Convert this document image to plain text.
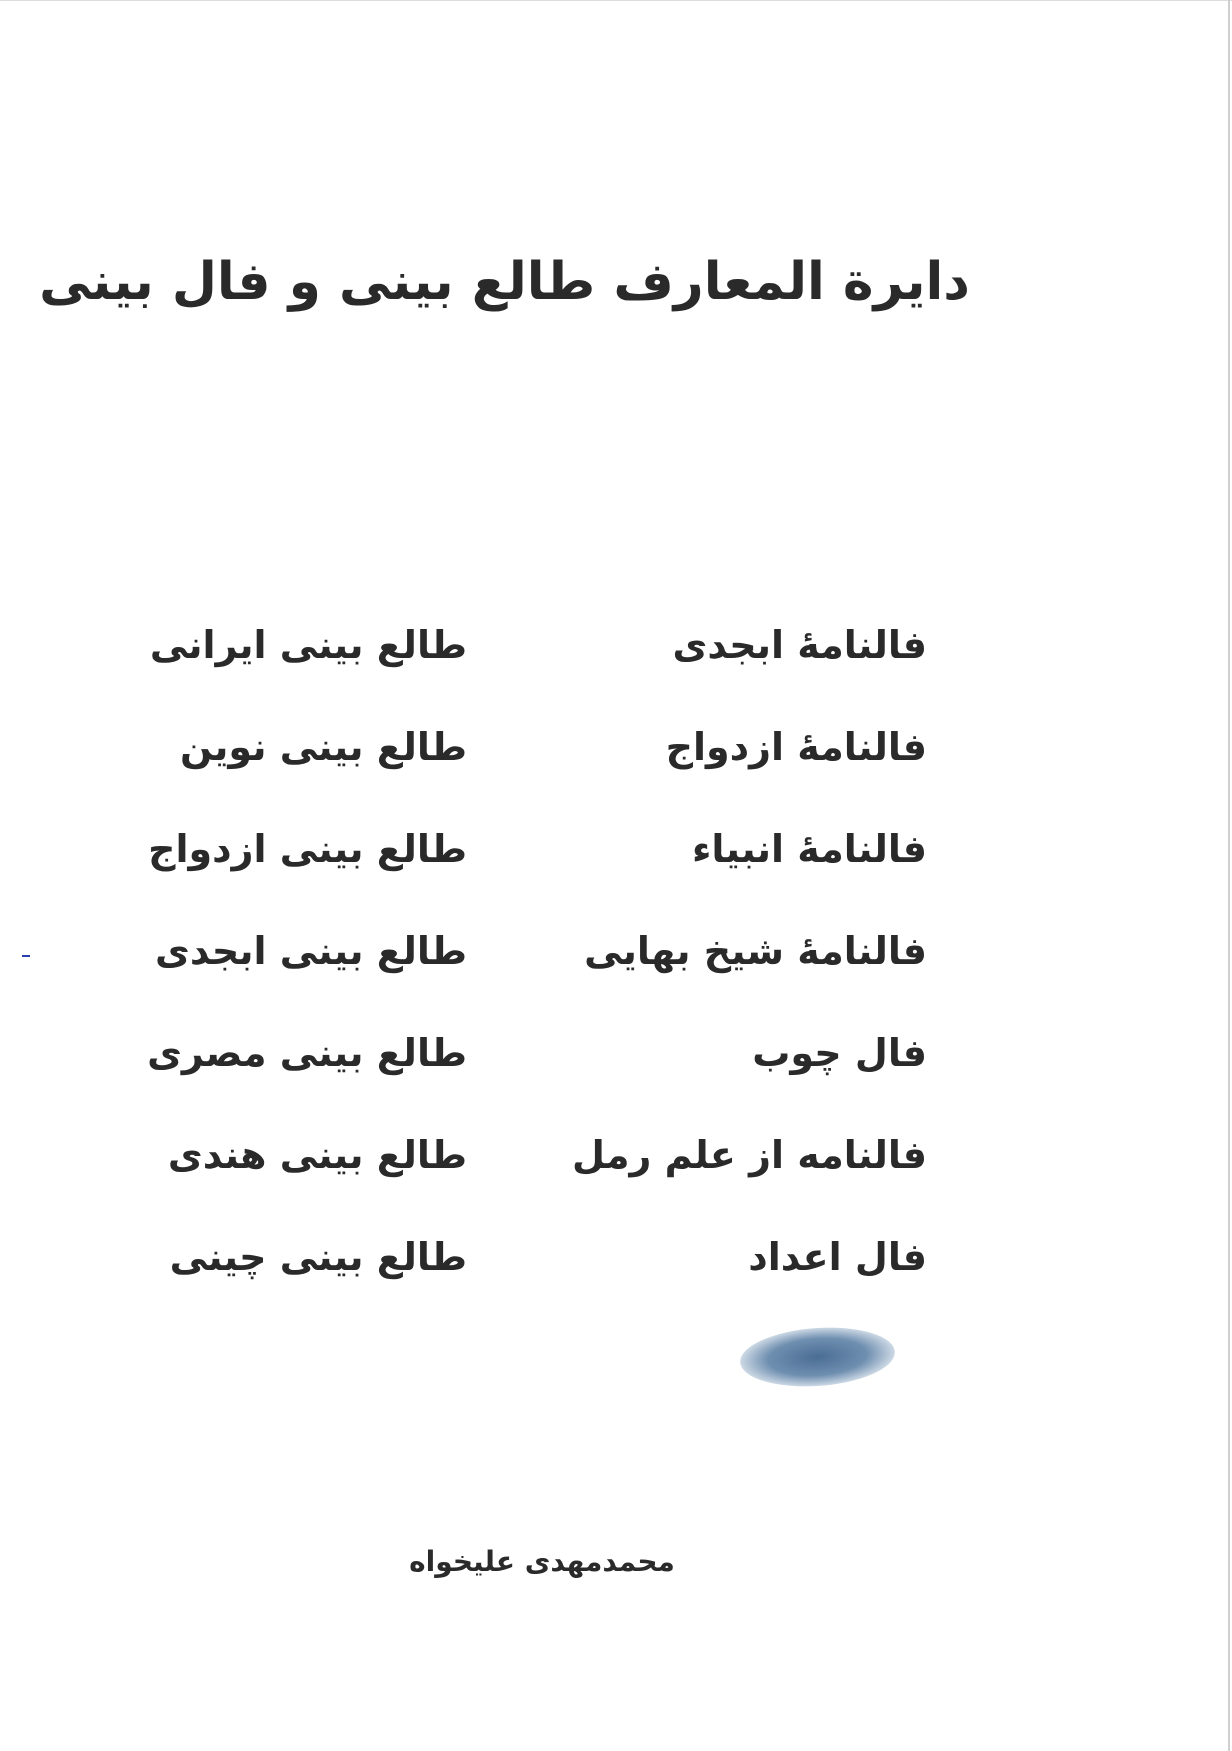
دایرة المعارف طالع بینی و فال بینی
فالنامهٔ ابجدی
فالنامهٔ ازدواج
فالنامهٔ انبیاء
فالنامهٔ شیخ بهایی
فال چوب
فالنامه از علم رمل
فال اعداد
طالع بینی ایرانی
طالع بینی نوین
طالع بینی ازدواج
طالع بینی ابجدی
طالع بینی مصری
طالع بینی هندی
طالع بینی چینی
محمدمهدی علیخواه
